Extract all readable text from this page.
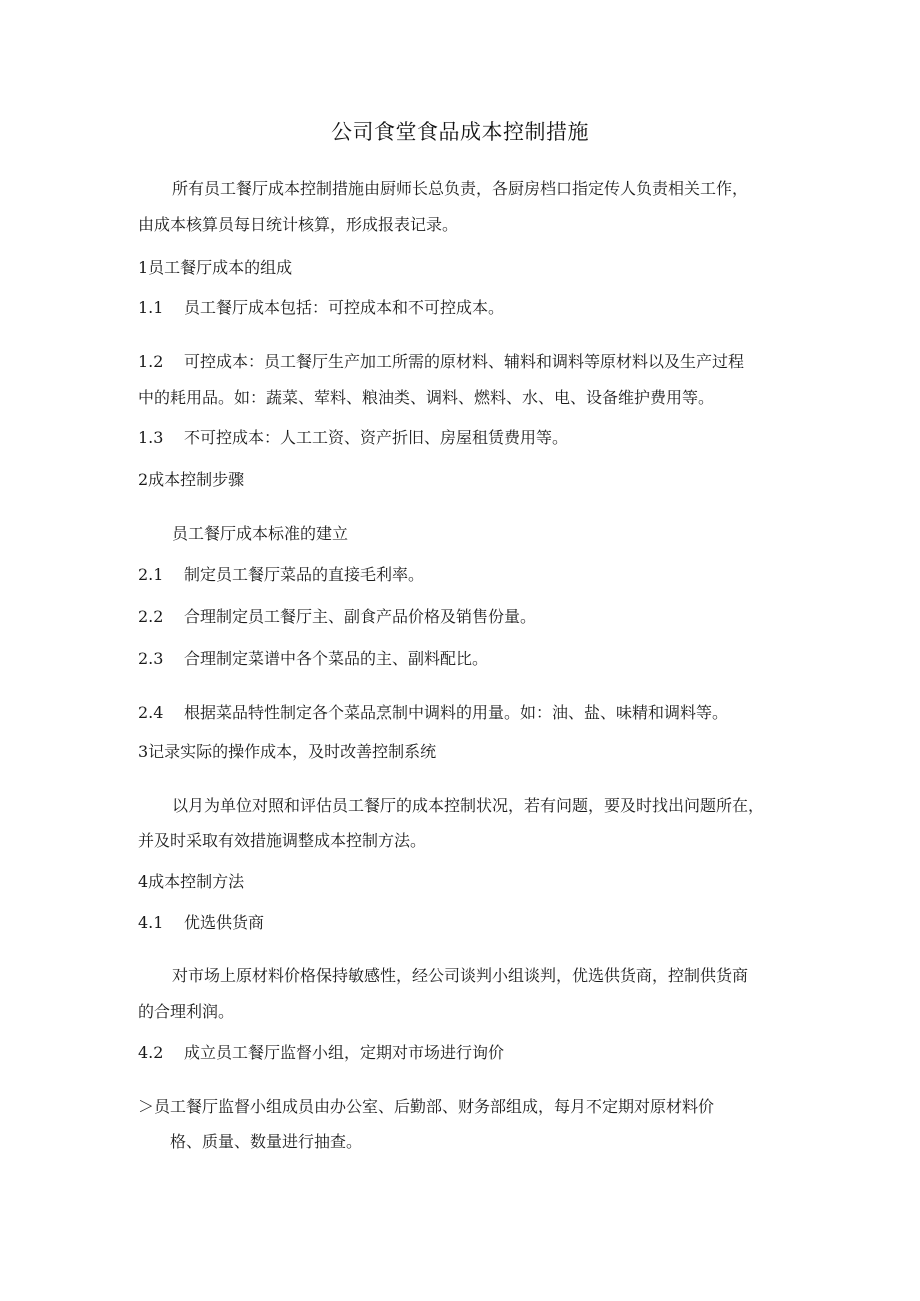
公司食堂食品成本控制措施
所有员工餐厅成本控制措施由厨师长总负责，各厨房档口指定传人负责相关工作，
由成本核算员每日统计核算，形成报表记录。
1员工餐厅成本的组成
1.1 员工餐厅成本包括：可控成本和不可控成本。
1.2 可控成本：员工餐厅生产加工所需的原材料、辅料和调料等原材料以及生产过程
中的耗用品。如：蔬菜、荤料、粮油类、调料、燃料、水、电、设备维护费用等。
1.3 不可控成本：人工工资、资产折旧、房屋租赁费用等。
2成本控制步骤
员工餐厅成本标准的建立
2.1 制定员工餐厅菜品的直接毛利率。
2.2 合理制定员工餐厅主、副食产品价格及销售份量。
2.3 合理制定菜谱中各个菜品的主、副料配比。
2.4 根据菜品特性制定各个菜品烹制中调料的用量。如：油、盐、味精和调料等。
3记录实际的操作成本，及时改善控制系统
以月为单位对照和评估员工餐厅的成本控制状况，若有问题，要及时找出问题所在，
并及时采取有效措施调整成本控制方法。
4成本控制方法
4.1 优选供货商
对市场上原材料价格保持敏感性，经公司谈判小组谈判，优选供货商，控制供货商
的合理利润。
4.2 成立员工餐厅监督小组，定期对市场进行询价
＞员工餐厅监督小组成员由办公室、后勤部、财务部组成，每月不定期对原材料价
格、质量、数量进行抽查。
